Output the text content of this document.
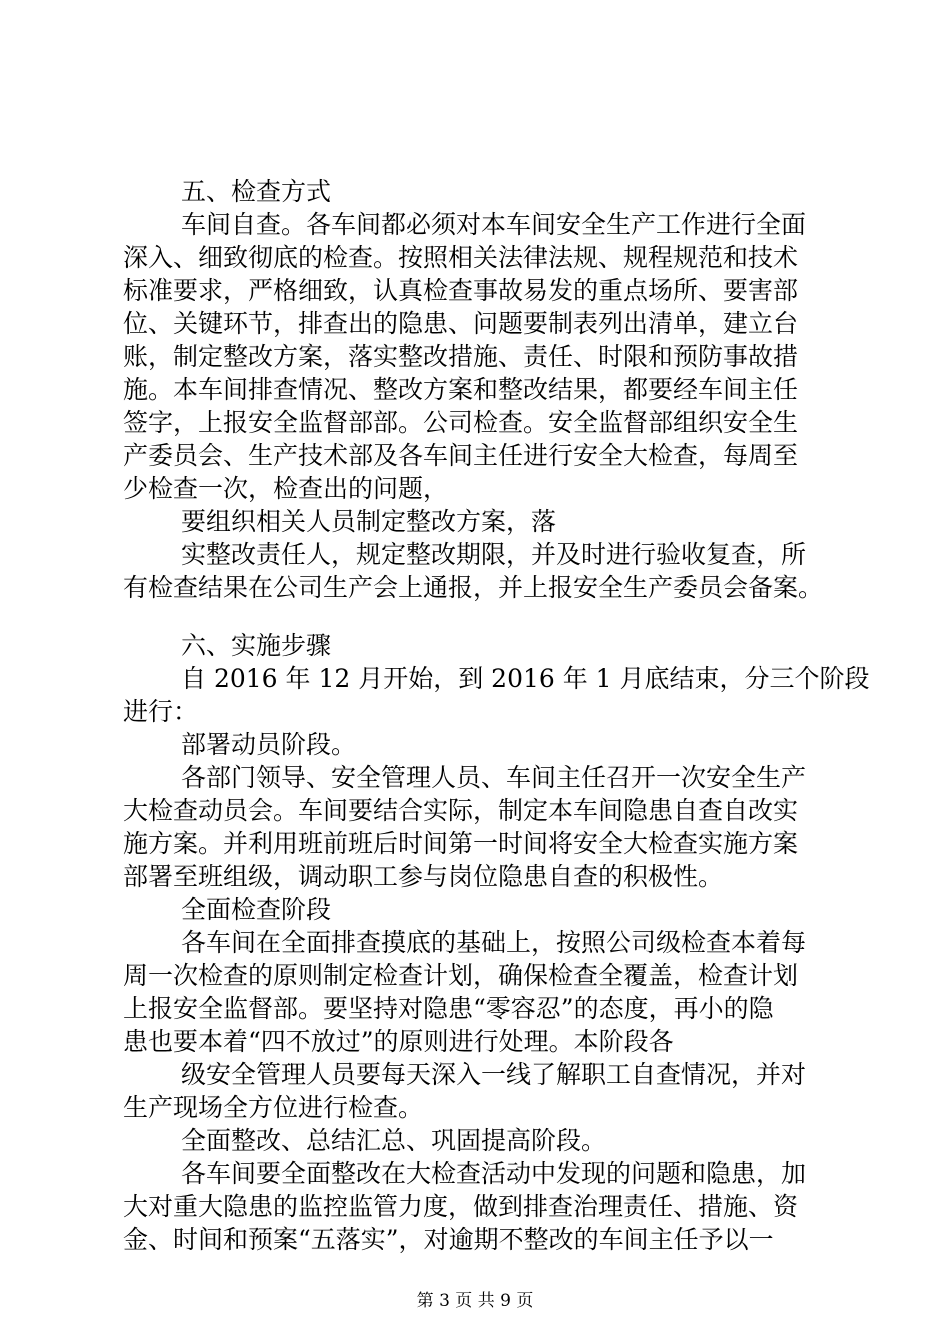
五、检查方式
车间自查。各车间都必须对本车间安全生产工作进行全面
深入、细致彻底的检查。按照相关法律法规、规程规范和技术
标准要求，严格细致，认真检查事故易发的重点场所、要害部
位、关键环节，排查出的隐患、问题要制表列出清单，建立台
账，制定整改方案，落实整改措施、责任、时限和预防事故措
施。本车间排查情况、整改方案和整改结果，都要经车间主任
签字，上报安全监督部部。公司检查。安全监督部组织安全生
产委员会、生产技术部及各车间主任进行安全大检查，每周至
少检查一次，检查出的问题，
要组织相关人员制定整改方案，落
实整改责任人，规定整改期限，并及时进行验收复查，所
有检查结果在公司生产会上通报，并上报安全生产委员会备案。
六、实施步骤
自 2016 年 12 月开始，到 2016 年 1 月底结束，分三个阶段
进行：
部署动员阶段。
各部门领导、安全管理人员、车间主任召开一次安全生产
大检查动员会。车间要结合实际，制定本车间隐患自查自改实
施方案。并利用班前班后时间第一时间将安全大检查实施方案
部署至班组级，调动职工参与岗位隐患自查的积极性。
全面检查阶段
各车间在全面排查摸底的基础上，按照公司级检查本着每
周一次检查的原则制定检查计划，确保检查全覆盖，检查计划
上报安全监督部。要坚持对隐患“零容忍”的态度，再小的隐
患也要本着“四不放过”的原则进行处理。本阶段各
级安全管理人员要每天深入一线了解职工自查情况，并对
生产现场全方位进行检查。
全面整改、总结汇总、巩固提高阶段。
各车间要全面整改在大检查活动中发现的问题和隐患，加
大对重大隐患的监控监管力度，做到排查治理责任、措施、资
金、时间和预案“五落实”，对逾期不整改的车间主任予以一
第 3 页 共 9 页
